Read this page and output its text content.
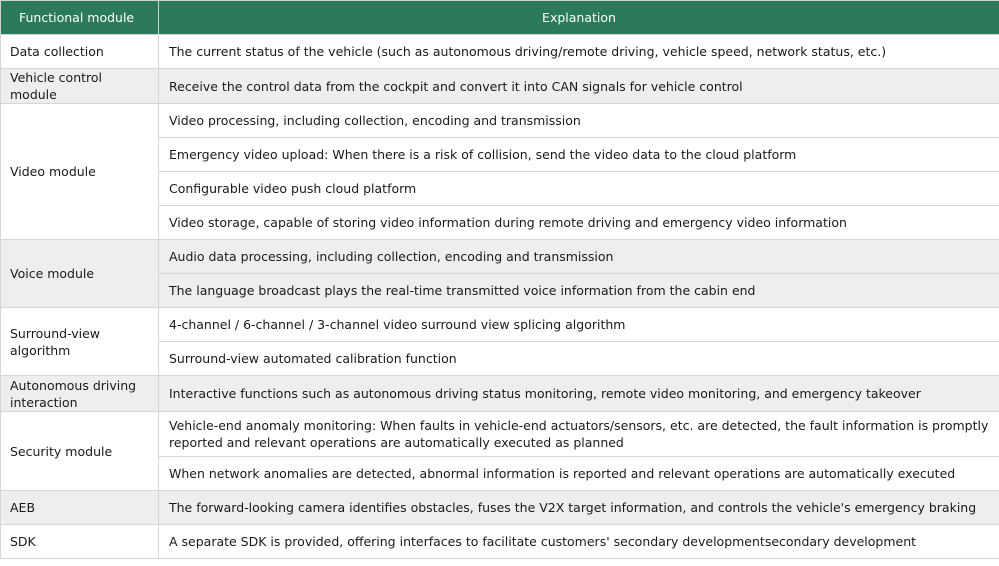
Functional module	Explanation
Data collection	The current status of the vehicle (such as autonomous driving/remote driving, vehicle speed, network status, etc.)
Vehicle control module	Receive the control data from the cockpit and convert it into CAN signals for vehicle control
Video module	Video processing, including collection, encoding and transmission
	Emergency video upload: When there is a risk of collision, send the video data to the cloud platform
	Configurable video push cloud platform
	Video storage, capable of storing video information during remote driving and emergency video information
Voice module	Audio data processing, including collection, encoding and transmission
	The language broadcast plays the real-time transmitted voice information from the cabin end
Surround-view algorithm	4-channel / 6-channel / 3-channel video surround view splicing algorithm
	Surround-view automated calibration function
Autonomous driving interaction	Interactive functions such as autonomous driving status monitoring, remote video monitoring, and emergency takeover
Security module	Vehicle-end anomaly monitoring: When faults in vehicle-end actuators/sensors, etc. are detected, the fault information is promptly reported and relevant operations are automatically executed as planned
	When network anomalies are detected, abnormal information is reported and relevant operations are automatically executed
AEB	The forward-looking camera identifies obstacles, fuses the V2X target information, and controls the vehicle's emergency braking
SDK	A separate SDK is provided, offering interfaces to facilitate customers' secondary developmentsecondary development
